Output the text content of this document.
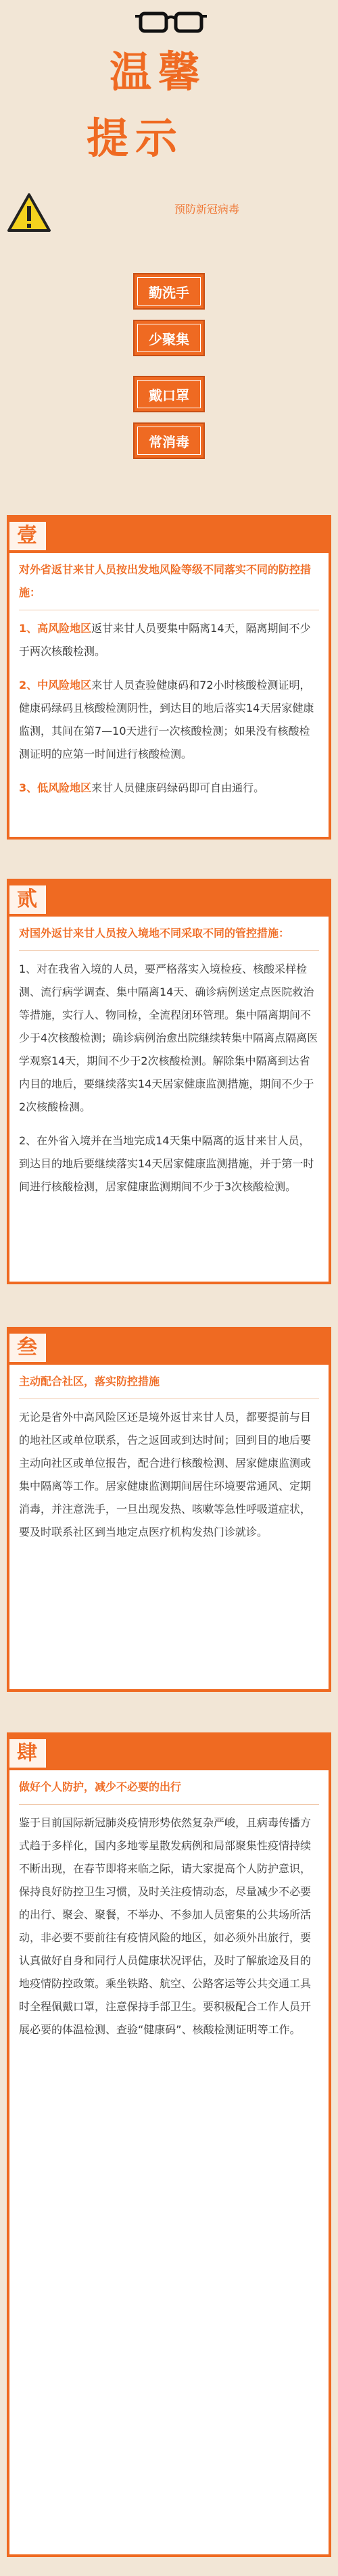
温馨
提示
预防新冠病毒
勤洗手
少聚集
戴口罩
常消毒
壹
对外省返甘来甘人员按出发地风险等级不同落实不同的防控措施：

1、高风险地区返甘来甘人员要集中隔离14天，隔离期间不少于两次核酸检测。

2、中风险地区来甘人员查验健康码和72小时核酸检测证明，健康码绿码且核酸检测阴性，到达目的地后落实14天居家健康监测，其间在第7—10天进行一次核酸检测；如果没有核酸检测证明的应第一时间进行核酸检测。

3、低风险地区来甘人员健康码绿码即可自由通行。

贰
对国外返甘来甘人员按入境地不同采取不同的管控措施：

1、对在我省入境的人员，要严格落实入境检疫、核酸采样检测、流行病学调查、集中隔离14天、确诊病例送定点医院救治等措施，实行人、物同检，全流程闭环管理。集中隔离期间不少于4次核酸检测；确诊病例治愈出院继续转集中隔离点隔离医学观察14天，期间不少于2次核酸检测。解除集中隔离到达省内目的地后，要继续落实14天居家健康监测措施，期间不少于2次核酸检测。

2、在外省入境并在当地完成14天集中隔离的返甘来甘人员，到达目的地后要继续落实14天居家健康监测措施，并于第一时间进行核酸检测，居家健康监测期间不少于3次核酸检测。

叁
主动配合社区，落实防控措施

无论是省外中高风险区还是境外返甘来甘人员，都要提前与目的地社区或单位联系，告之返回或到达时间；回到目的地后要主动向社区或单位报告，配合进行核酸检测、居家健康监测或集中隔离等工作。居家健康监测期间居住环境要常通风、定期消毒，并注意洗手，一旦出现发热、咳嗽等急性呼吸道症状，要及时联系社区到当地定点医疗机构发热门诊就诊。

肆
做好个人防护，减少不必要的出行

鉴于目前国际新冠肺炎疫情形势依然复杂严峻，且病毒传播方式趋于多样化，国内多地零星散发病例和局部聚集性疫情持续不断出现，在春节即将来临之际，请大家提高个人防护意识，保持良好防控卫生习惯，及时关注疫情动态，尽量减少不必要的出行、聚会、聚餐，不举办、不参加人员密集的公共场所活动，非必要不要前往有疫情风险的地区，如必须外出旅行，要认真做好自身和同行人员健康状况评估，及时了解旅途及目的地疫情防控政策。乘坐铁路、航空、公路客运等公共交通工具时全程佩戴口罩，注意保持手部卫生。要积极配合工作人员开展必要的体温检测、查验“健康码”、核酸检测证明等工作。
